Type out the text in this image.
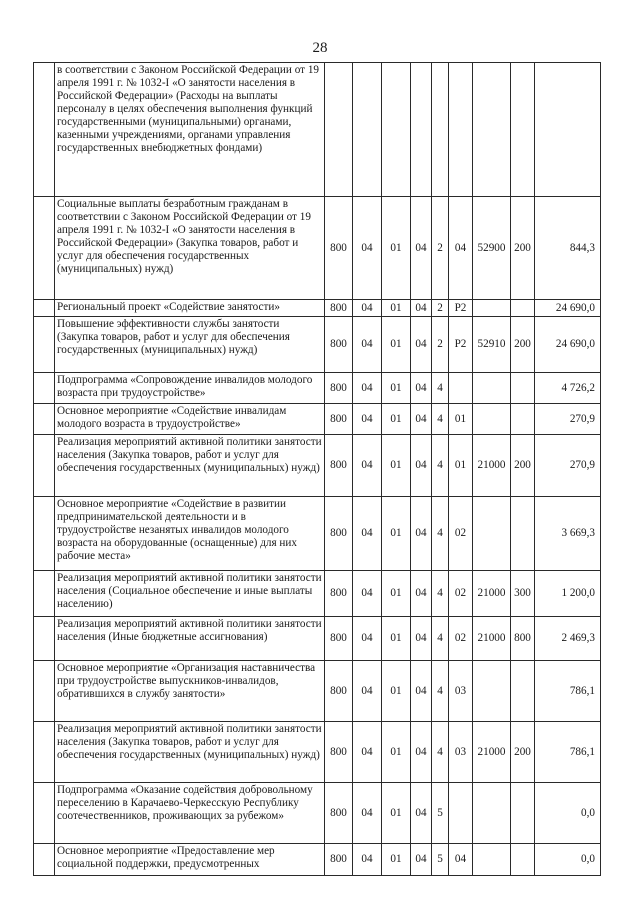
28
	в соответствии с Законом Российской Федерации от 19 апреля 1991 г. № 1032-I «О занятости населения в Российской Федерации» (Расходы на выплаты персоналу в целях обеспечения выполнения функций государственными (муниципальными) органами, казенными учреждениями, органами управления государственных внебюджетных фондами)									
	Социальные выплаты безработным гражданам в соответствии с Законом Российской Федерации от 19 апреля 1991 г. № 1032-I «О занятости населения в Российской Федерации» (Закупка товаров, работ и услуг для обеспечения государственных (муниципальных) нужд)	800	04	01	04	2	04	52900	200	844,3
	Региональный проект «Содействие занятости»	800	04	01	04	2	P2			24 690,0
	Повышение эффективности службы занятости (Закупка товаров, работ и услуг для обеспечения государственных (муниципальных) нужд)	800	04	01	04	2	P2	52910	200	24 690,0
	Подпрограмма «Сопровождение инвалидов молодого возраста при трудоустройстве»	800	04	01	04	4				4 726,2
	Основное мероприятие «Содействие инвалидам молодого возраста в трудоустройстве»	800	04	01	04	4	01			270,9
	Реализация мероприятий активной политики занятости населения (Закупка товаров, работ и услуг для обеспечения государственных (муниципальных) нужд)	800	04	01	04	4	01	21000	200	270,9
	Основное мероприятие «Содействие в развитии предпринимательской деятельности и в трудоустройстве незанятых инвалидов молодого возраста на оборудованные (оснащенные) для них рабочие места»	800	04	01	04	4	02			3 669,3
	Реализация мероприятий активной политики занятости населения (Социальное обеспечение и иные выплаты населению)	800	04	01	04	4	02	21000	300	1 200,0
	Реализация мероприятий активной политики занятости населения (Иные бюджетные ассигнования)	800	04	01	04	4	02	21000	800	2 469,3
	Основное мероприятие «Организация наставничества при трудоустройстве выпускников-инвалидов, обратившихся в службу занятости»	800	04	01	04	4	03			786,1
	Реализация мероприятий активной политики занятости населения (Закупка товаров, работ и услуг для обеспечения государственных (муниципальных) нужд)	800	04	01	04	4	03	21000	200	786,1
	Подпрограмма «Оказание содействия добровольному переселению в Карачаево-Черкесскую Республику соотечественников, проживающих за рубежом»	800	04	01	04	5				0,0
	Основное мероприятие «Предоставление мер социальной поддержки, предусмотренных	800	04	01	04	5	04			0,0
